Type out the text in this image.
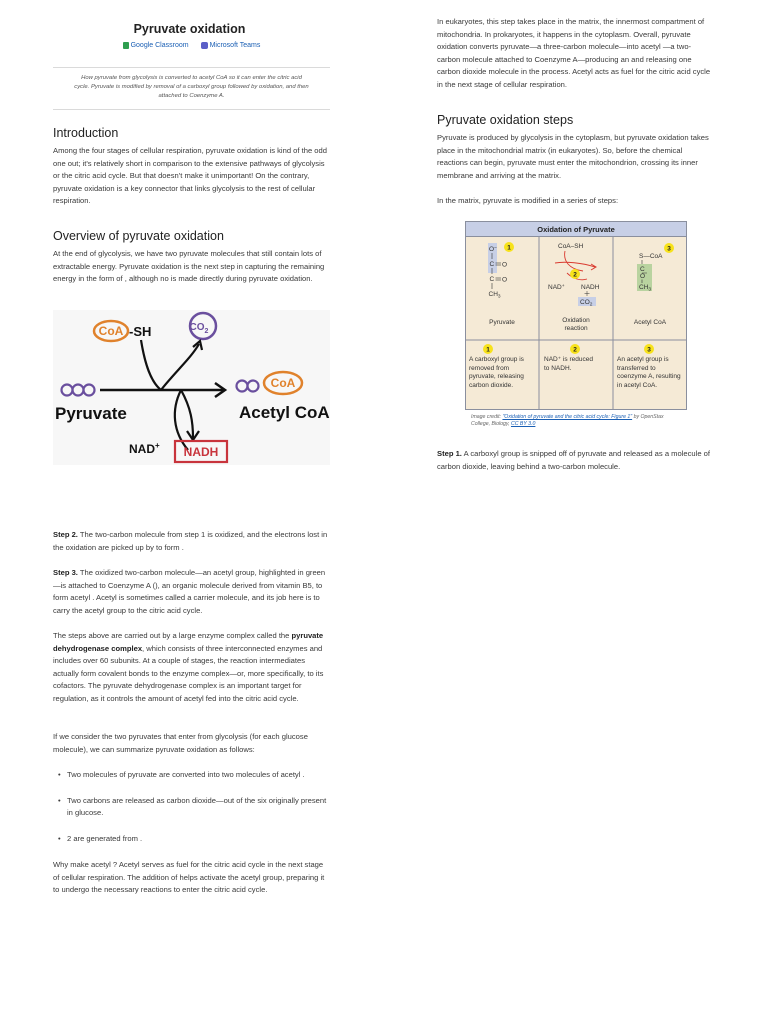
Pyruvate oxidation
Google Classroom	Microsoft Teams

How pyruvate from glycolysis is converted to acetyl CoA so it can enter the citric acid cycle. Pyruvate is modified by removal of a carboxyl group followed by oxidation, and then attached to Coenzyme A.

Introduction

Among the four stages of cellular respiration, pyruvate oxidation is kind of the odd one out; it's relatively short in comparison to the extensive pathways of glycolysis or the citric acid cycle. But that doesn't make it unimportant! On the contrary, pyruvate oxidation is a key connector that links glycolysis to the rest of cellular respiration.

Overview of pyruvate oxidation

At the end of glycolysis, we have two pyruvate molecules that still contain lots of extractable energy. Pyruvate oxidation is the next step in capturing the remaining energy in the form of , although no is made directly during pyruvate oxidation.

CoA -SH	$CO_2$
Pyruvate
CoA
Acetyl CoA
NAD+ NADH

Step 2. The two-carbon molecule from step 1 is oxidized, and the electrons lost in the oxidation are picked up by to form .

Step 3. The oxidized two-carbon molecule—an acetyl group, highlighted in green—is attached to Coenzyme A (), an organic molecule derived from vitamin B5, to form acetyl . Acetyl is sometimes called a carrier molecule, and its job here is to carry the acetyl group to the citric acid cycle.

The steps above are carried out by a large enzyme complex called the pyruvate dehydrogenase complex, which consists of three interconnected enzymes and includes over 60 subunits. At a couple of stages, the reaction intermediates actually form covalent bonds to the enzyme complex—or, more specifically, to its cofactors. The pyruvate dehydrogenase complex is an important target for regulation, as it controls the amount of acetyl fed into the citric acid cycle.

If we consider the two pyruvates that enter from glycolysis (for each glucose molecule), we can summarize pyruvate oxidation as follows:

• Two molecules of pyruvate are converted into two molecules of acetyl .
• Two carbons are released as carbon dioxide—out of the six originally present in glucose.
• 2 are generated from .

Why make acetyl ? Acetyl serves as fuel for the citric acid cycle in the next stage of cellular respiration. The addition of helps activate the acetyl group, preparing it to undergo the necessary reactions to enter the citric acid cycle.

In eukaryotes, this step takes place in the matrix, the innermost compartment of mitochondria. In prokaryotes, it happens in the cytoplasm. Overall, pyruvate oxidation converts pyruvate—a three-carbon molecule—into acetyl —a two-carbon molecule attached to Coenzyme A—producing an and releasing one carbon dioxide molecule in the process. Acetyl acts as fuel for the citric acid cycle in the next stage of cellular respiration.

Pyruvate oxidation steps

Pyruvate is produced by glycolysis in the cytoplasm, but pyruvate oxidation takes place in the mitochondrial matrix (in eukaryotes). So, before the chemical reactions can begin, pyruvate must enter the mitochondrion, crossing its inner membrane and arriving at the matrix.

In the matrix, pyruvate is modified in a series of steps:

Oxidation of Pyruvate
O−
C O
C O
$CH_3$
1
Pyruvate
CoA–SH
NAD+	NADH
$CO_2$
2
Oxidation reaction
S—CoA
C
O
$CH_3$
3
Acetyl CoA
1
A carboxyl group is removed from pyruvate, releasing carbon dioxide.
2
NAD⁺ is reduced to NADH.
3
An acetyl group is transferred to coenzyme A, resulting in acetyl CoA.

Image credit: "Oxidation of pyruvate and the citric acid cycle: Figure 1" by OpenStax College, Biology, CC BY 3.0

Step 1. A carboxyl group is snipped off of pyruvate and released as a molecule of carbon dioxide, leaving behind a two-carbon molecule.
